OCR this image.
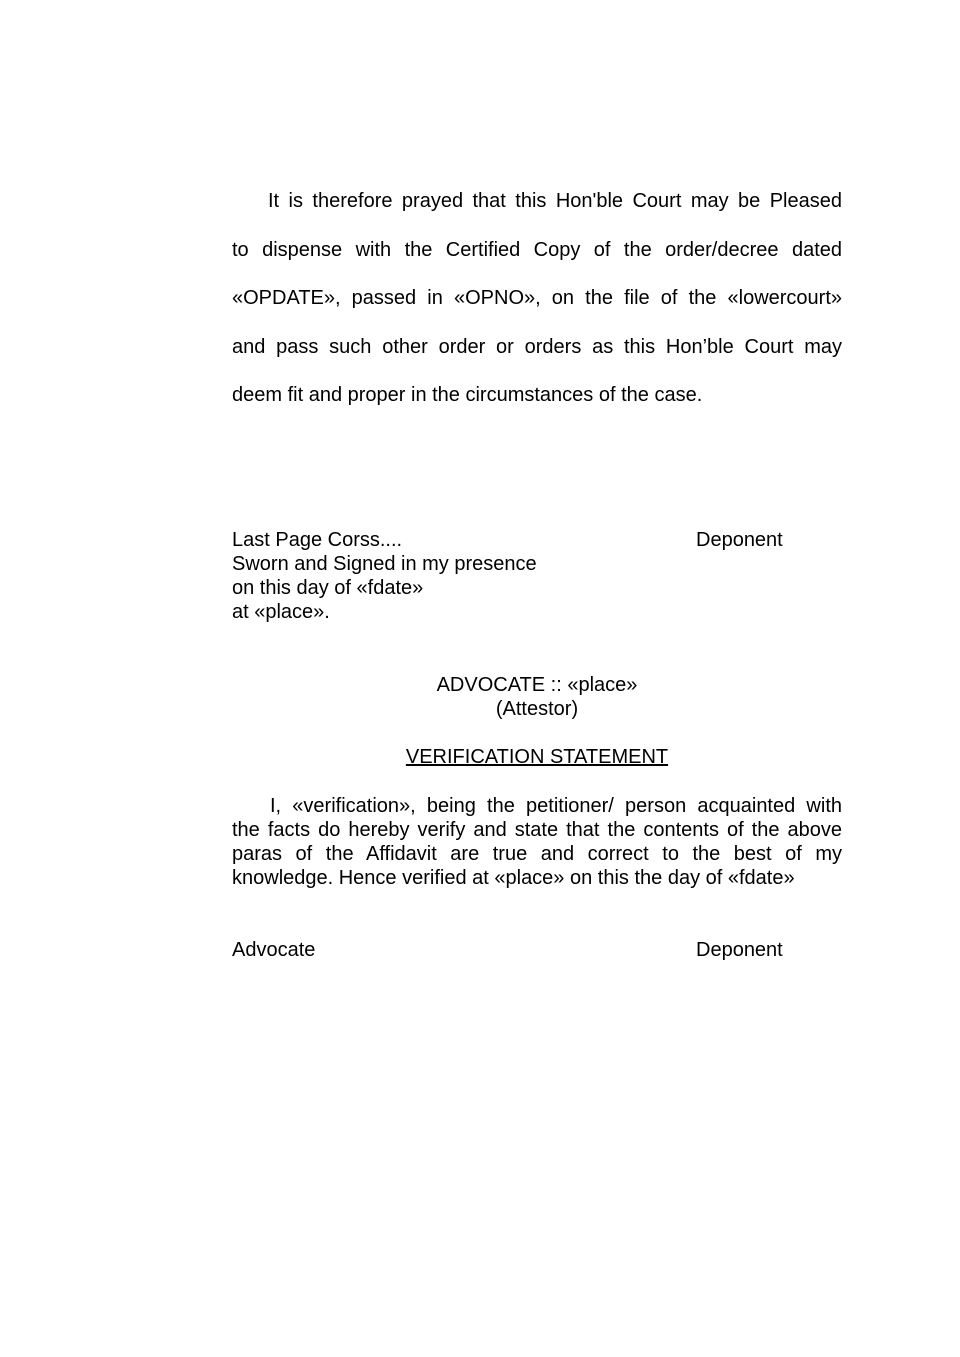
It is therefore prayed that this Hon'ble Court may be Pleased
to dispense with the Certified Copy of the order/decree dated
«OPDATE», passed in «OPNO», on the file of the «lowercourt»
and pass such other order or orders as this Hon’ble Court may
deem fit and proper in the circumstances of the case.
Last Page Corss....
Sworn and Signed in my presence
on this day of «fdate»
at «place».
Deponent
ADVOCATE :: «place»
(Attestor)
VERIFICATION STATEMENT
I, «verification», being the petitioner/ person acquainted with
the facts do hereby verify and state that the contents of the above
paras of the Affidavit are true and correct to the best of my
knowledge. Hence verified at «place» on this the day of «fdate»
Advocate	Deponent
